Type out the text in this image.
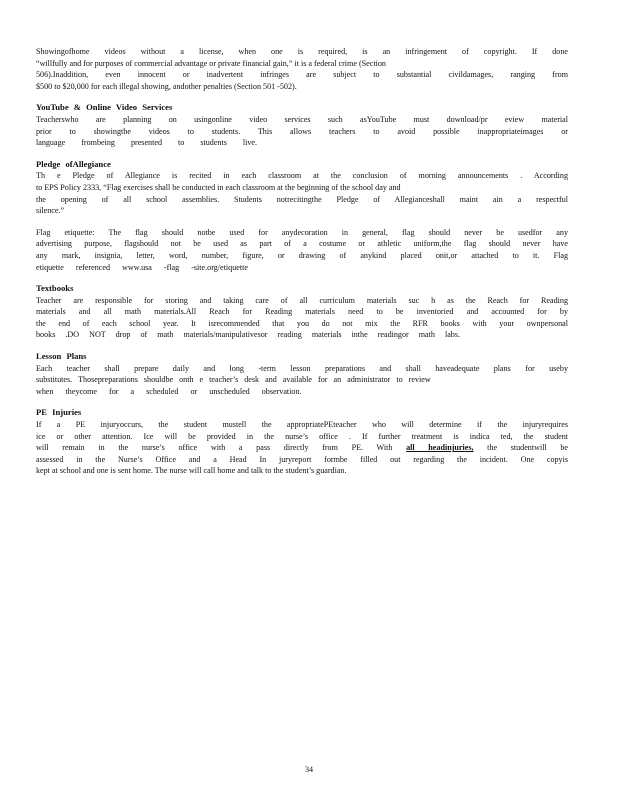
Showingofhome videos without a license, when one is required, is an infringement of copyright. If done
“willfully and for purposes of commercial advantage or private financial gain,” it is a federal crime (Section
506).Inaddition, even innocent or inadvertent infringes are subject to substantial civildamages, ranging from
$500 to $20,000 for each illegal showing, andother penalties (Section 501 -502).

YouTube & Online Video Services

Teacherswho are planning on usingonline video services such asYouTube must download/pr eview material
prior to showingthe videos to students. This allows teachers to avoid possible inappropriateimages or
language frombeing presented to students live.

Pledge ofAllegiance

Th e Pledge of Allegiance is recited in each classroom at the conclusion of morning announcements . According
to EPS Policy 2333, “Flag exercises shall be conducted in each classroom at the beginning of the school day and
the opening of all school assemblies. Students notrecitingthe Pledge of Allegianceshall maint ain a respectful
silence.”

Flag etiquette: The flag should notbe used for anydecoration in general, flag should never be usedfor any
advertising purpose, flagshould not be used as part of a costume or athletic uniform,the flag should never have
any mark, insignia, letter, word, number, figure, or drawing of anykind placed onit,or attached to it. Flag
etiquette referenced www.usa -flag -site.org/etiquette

Textbooks

Teacher are responsible for storing and taking care of all curriculum materials suc h as the Reach for Reading
materials and all math materials.All Reach for Reading materials need to be inventoried and accounted for by
the end of each school year. It isrecommended that you do not mix the RFR books with your ownpersonal
books .DO NOT drop of math materials/manipulativesor reading materials inthe readingor math labs.

Lesson Plans

Each teacher shall prepare daily and long -term lesson preparations and shall haveadequate plans for useby
substitutes. Thosepreparations shouldbe onth e teacher’s desk and available for an administrator to review
when theycome for a scheduled or unscheduled observation.

PE Injuries

If a PE injuryoccurs, the student mustell the appropriatePEteacher who will determine if the injuryrequires
ice or other attention. Ice will be provided in the nurse’s office . If further treatment is indica ted, the student
will remain in the nurse’s office with a pass directly from PE. With all headinjuries, the studentwill be
assessed in the Nurse’s Office and a Head In juryreport formbe filled out regarding the incident. One copyis
kept at school and one is sent home. The nurse will call home and talk to the student’s guardian.

34
